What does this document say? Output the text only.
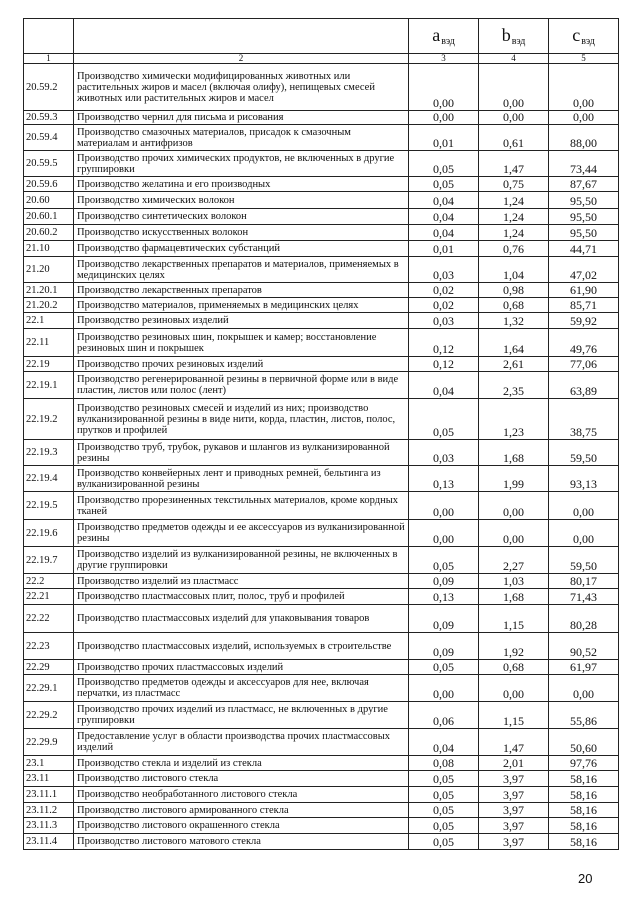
		$a_{вэд}$	$b_{вэд}$	$c_{вэд}$
1	2	3	4	5
20.59.2	Производство химически модифицированных животных или растительных жиров и масел (включая олифу), непищевых смесей животных или растительных жиров и масел	0,00	0,00	0,00
20.59.3	Производство чернил для письма и рисования	0,00	0,00	0,00
20.59.4	Производство смазочных материалов, присадок к смазочным материалам и антифризов	0,01	0,61	88,00
20.59.5	Производство прочих химических продуктов, не включенных в другие группировки	0,05	1,47	73,44
20.59.6	Производство желатина и его производных	0,05	0,75	87,67
20.60	Производство химических волокон	0,04	1,24	95,50
20.60.1	Производство синтетических волокон	0,04	1,24	95,50
20.60.2	Производство искусственных волокон	0,04	1,24	95,50
21.10	Производство фармацевтических субстанций	0,01	0,76	44,71
21.20	Производство лекарственных препаратов и материалов, применяемых в медицинских целях	0,03	1,04	47,02
21.20.1	Производство лекарственных препаратов	0,02	0,98	61,90
21.20.2	Производство материалов, применяемых в медицинских целях	0,02	0,68	85,71
22.1	Производство резиновых изделий	0,03	1,32	59,92
22.11	Производство резиновых шин, покрышек и камер; восстановление резиновых шин и покрышек	0,12	1,64	49,76
22.19	Производство прочих резиновых изделий	0,12	2,61	77,06
22.19.1	Производство регенерированной резины в первичной форме или в виде пластин, листов или полос (лент)	0,04	2,35	63,89
22.19.2	Производство резиновых смесей и изделий из них; производство вулканизированной резины в виде нити, корда, пластин, листов, полос, прутков и профилей	0,05	1,23	38,75
22.19.3	Производство труб, трубок, рукавов и шлангов из вулканизированной резины	0,03	1,68	59,50
22.19.4	Производство конвейерных лент и приводных ремней, бельтинга из вулканизированной резины	0,13	1,99	93,13
22.19.5	Производство прорезиненных текстильных материалов, кроме кордных тканей	0,00	0,00	0,00
22.19.6	Производство предметов одежды и ее аксессуаров из вулканизированной резины	0,00	0,00	0,00
22.19.7	Производство изделий из вулканизированной резины, не включенных в другие группировки	0,05	2,27	59,50
22.2	Производство изделий из пластмасс	0,09	1,03	80,17
22.21	Производство пластмассовых плит, полос, труб и профилей	0,13	1,68	71,43
22.22	Производство пластмассовых изделий для упаковывания товаров	0,09	1,15	80,28
22.23	Производство пластмассовых изделий, используемых в строительстве	0,09	1,92	90,52
22.29	Производство прочих пластмассовых изделий	0,05	0,68	61,97
22.29.1	Производство предметов одежды и аксессуаров для нее, включая перчатки, из пластмасс	0,00	0,00	0,00
22.29.2	Производство прочих изделий из пластмасс, не включенных в другие группировки	0,06	1,15	55,86
22.29.9	Предоставление услуг в области производства прочих пластмассовых изделий	0,04	1,47	50,60
23.1	Производство стекла и изделий из стекла	0,08	2,01	97,76
23.11	Производство листового стекла	0,05	3,97	58,16
23.11.1	Производство необработанного листового стекла	0,05	3,97	58,16
23.11.2	Производство листового армированного стекла	0,05	3,97	58,16
23.11.3	Производство листового окрашенного стекла	0,05	3,97	58,16
23.11.4	Производство листового матового стекла	0,05	3,97	58,16
20
